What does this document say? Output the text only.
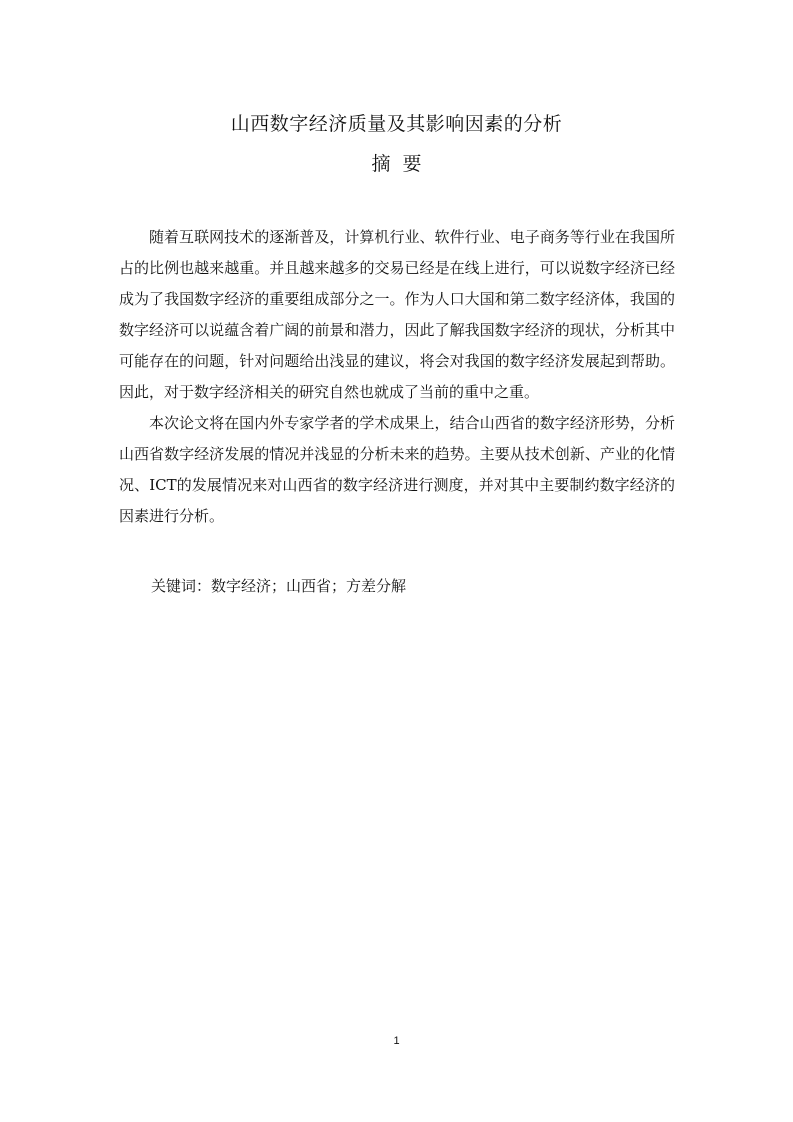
山西数字经济质量及其影响因素的分析
摘 要

随着互联网技术的逐渐普及，计算机行业、软件行业、电子商务等行业在我国所占的比例也越来越重。并且越来越多的交易已经是在线上进行，可以说数字经济已经成为了我国数字经济的重要组成部分之一。作为人口大国和第二数字经济体，我国的数字经济可以说蕴含着广阔的前景和潜力，因此了解我国数字经济的现状，分析其中可能存在的问题，针对问题给出浅显的建议，将会对我国的数字经济发展起到帮助。因此，对于数字经济相关的研究自然也就成了当前的重中之重。

本次论文将在国内外专家学者的学术成果上，结合山西省的数字经济形势，分析山西省数字经济发展的情况并浅显的分析未来的趋势。主要从技术创新、产业的化情况、ICT的发展情况来对山西省的数字经济进行测度，并对其中主要制约数字经济的因素进行分析。

关键词：数字经济；山西省；方差分解
1
